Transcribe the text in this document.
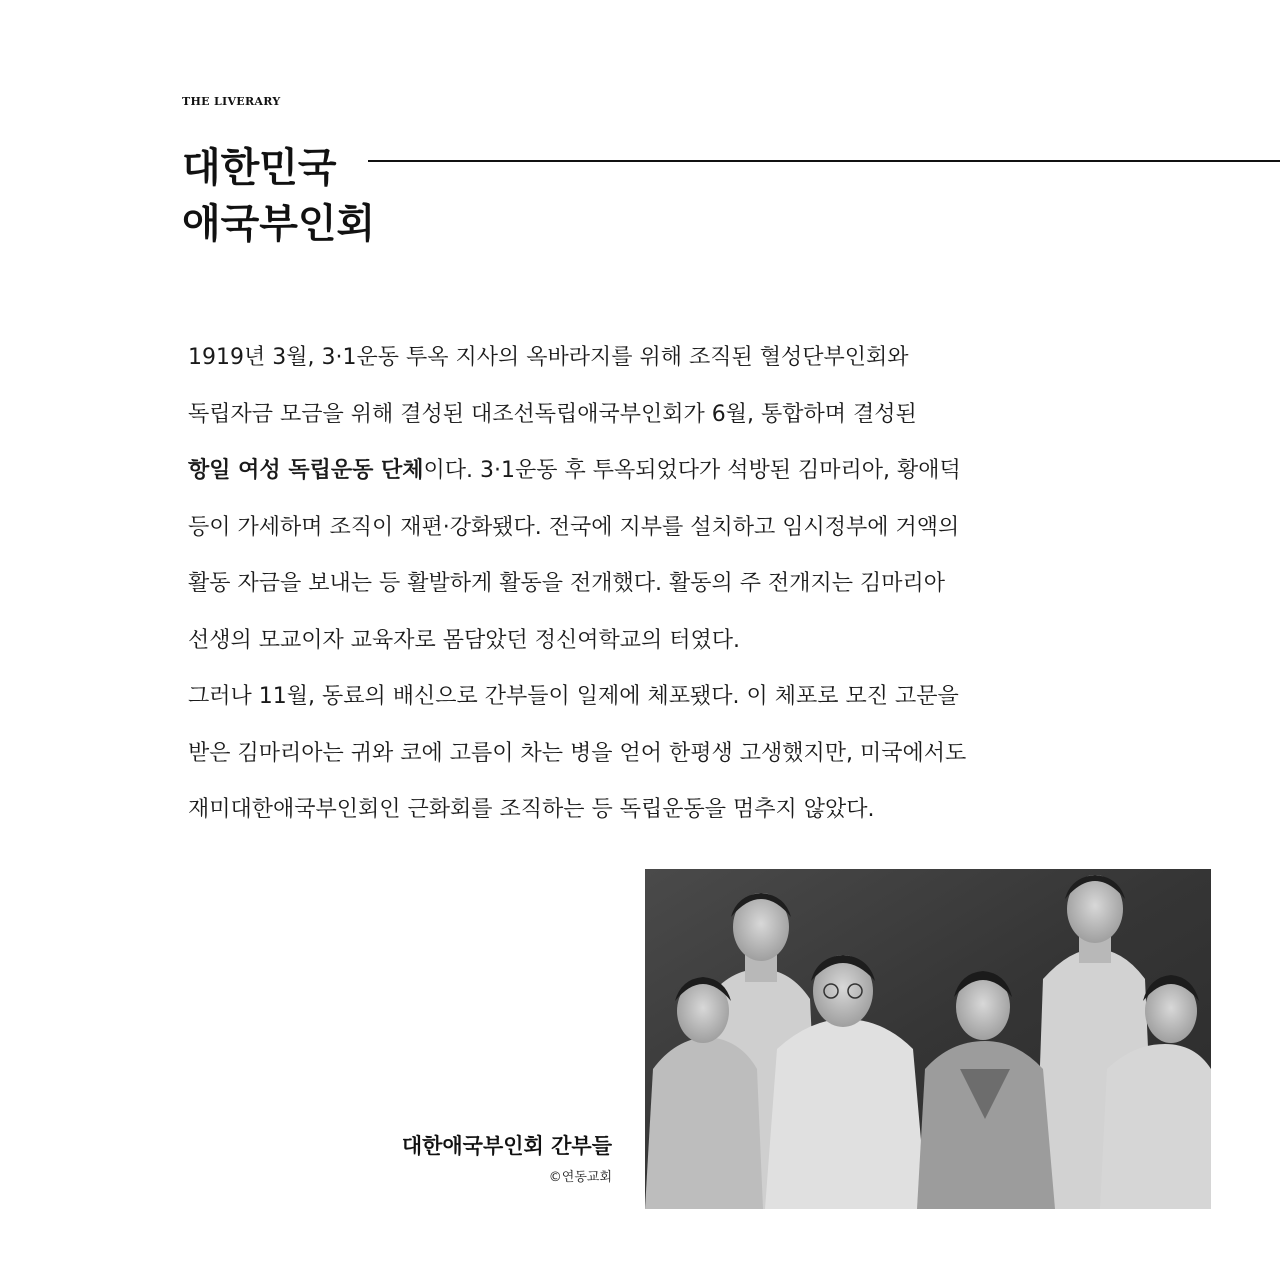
THE LIVERARY
대한민국
애국부인회
1919년 3월, 3·1운동 투옥 지사의 옥바라지를 위해 조직된 혈성단부인회와
독립자금 모금을 위해 결성된 대조선독립애국부인회가 6월, 통합하며 결성된
항일 여성 독립운동 단체이다. 3·1운동 후 투옥되었다가 석방된 김마리아, 황애덕
등이 가세하며 조직이 재편·강화됐다. 전국에 지부를 설치하고 임시정부에 거액의
활동 자금을 보내는 등 활발하게 활동을 전개했다. 활동의 주 전개지는 김마리아
선생의 모교이자 교육자로 몸담았던 정신여학교의 터였다.
그러나 11월, 동료의 배신으로 간부들이 일제에 체포됐다. 이 체포로 모진 고문을
받은 김마리아는 귀와 코에 고름이 차는 병을 얻어 한평생 고생했지만, 미국에서도
재미대한애국부인회인 근화회를 조직하는 등 독립운동을 멈추지 않았다.
대한애국부인회 간부들
©연동교회
